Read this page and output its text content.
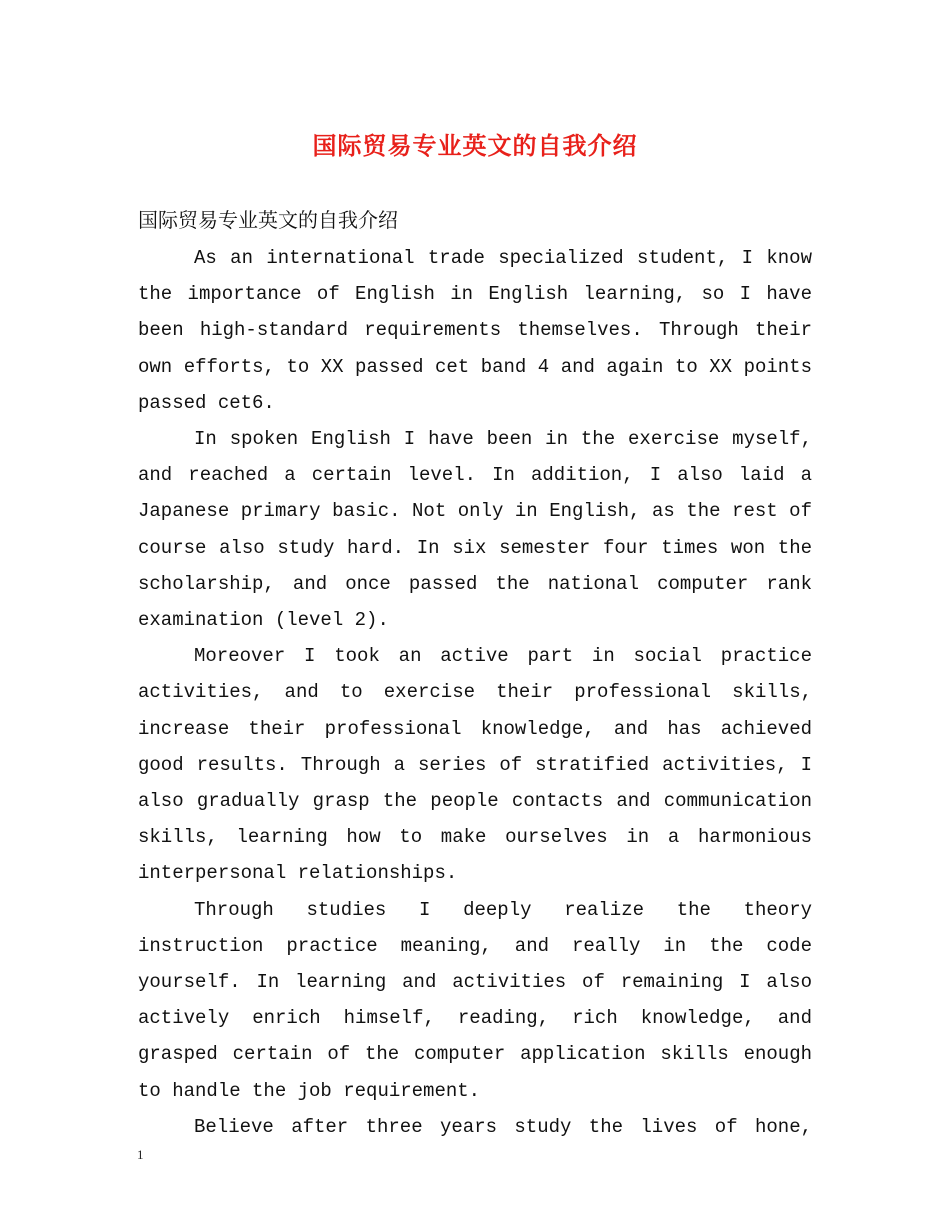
国际贸易专业英文的自我介绍

国际贸易专业英文的自我介绍

As an international trade specialized student, I know the importance of English in English learning, so I have been high-standard requirements themselves. Through their own efforts, to XX passed cet band 4 and again to XX points passed cet6.

In spoken English I have been in the exercise myself, and reached a certain level. In addition, I also laid a Japanese primary basic. Not only in English, as the rest of course also study hard. In six semester four times won the scholarship, and once passed the national computer rank examination (level 2).

Moreover I took an active part in social practice activities, and to exercise their professional skills, increase their professional knowledge, and has achieved good results. Through a series of stratified activities, I also gradually grasp the people contacts and communication skills, learning how to make ourselves in a harmonious interpersonal relationships.

Through studies I deeply realize the theory instruction practice meaning, and really in the code yourself. In learning and activities of remaining I also actively enrich himself, reading, rich knowledge, and grasped certain of the computer application skills enough to handle the job requirement.

Believe after three years study the lives of hone,

1
